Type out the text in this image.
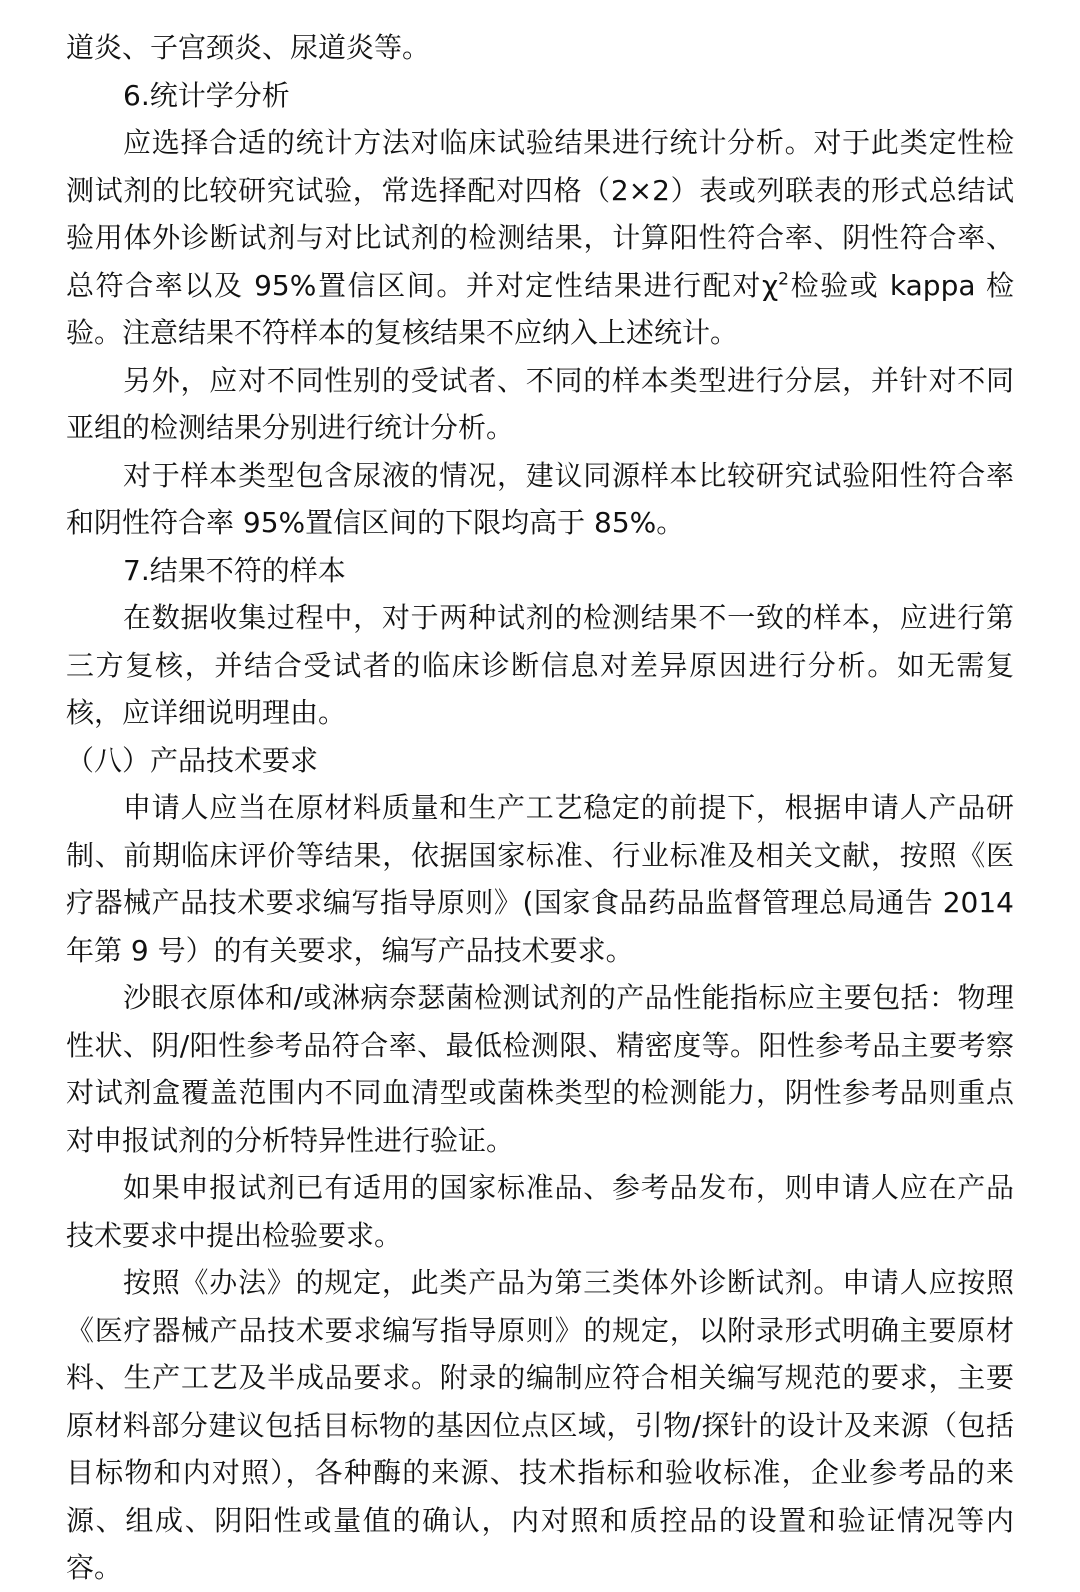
道炎、子宫颈炎、尿道炎等。

6.统计学分析

应选择合适的统计方法对临床试验结果进行统计分析。对于此类定性检测试剂的比较研究试验，常选择配对四格（2×2）表或列联表的形式总结试验用体外诊断试剂与对比试剂的检测结果，计算阳性符合率、阴性符合率、总符合率以及 95%置信区间。并对定性结果进行配对$\chi^2$检验或 kappa 检验。注意结果不符样本的复核结果不应纳入上述统计。

另外，应对不同性别的受试者、不同的样本类型进行分层，并针对不同亚组的检测结果分别进行统计分析。

对于样本类型包含尿液的情况，建议同源样本比较研究试验阳性符合率和阴性符合率 95%置信区间的下限均高于 85%。

7.结果不符的样本

在数据收集过程中，对于两种试剂的检测结果不一致的样本，应进行第三方复核，并结合受试者的临床诊断信息对差异原因进行分析。如无需复核，应详细说明理由。

（八）产品技术要求

申请人应当在原材料质量和生产工艺稳定的前提下，根据申请人产品研制、前期临床评价等结果，依据国家标准、行业标准及相关文献，按照《医疗器械产品技术要求编写指导原则》(国家食品药品监督管理总局通告 2014 年第 9 号）的有关要求，编写产品技术要求。

沙眼衣原体和/或淋病奈瑟菌检测试剂的产品性能指标应主要包括：物理性状、阴/阳性参考品符合率、最低检测限、精密度等。阳性参考品主要考察对试剂盒覆盖范围内不同血清型或菌株类型的检测能力，阴性参考品则重点对申报试剂的分析特异性进行验证。

如果申报试剂已有适用的国家标准品、参考品发布，则申请人应在产品技术要求中提出检验要求。

按照《办法》的规定，此类产品为第三类体外诊断试剂。申请人应按照《医疗器械产品技术要求编写指导原则》的规定，以附录形式明确主要原材料、生产工艺及半成品要求。附录的编制应符合相关编写规范的要求，主要原材料部分建议包括目标物的基因位点区域，引物/探针的设计及来源（包括目标物和内对照），各种酶的来源、技术指标和验收标准，企业参考品的来源、组成、阴阳性或量值的确认，内对照和质控品的设置和验证情况等内容。
